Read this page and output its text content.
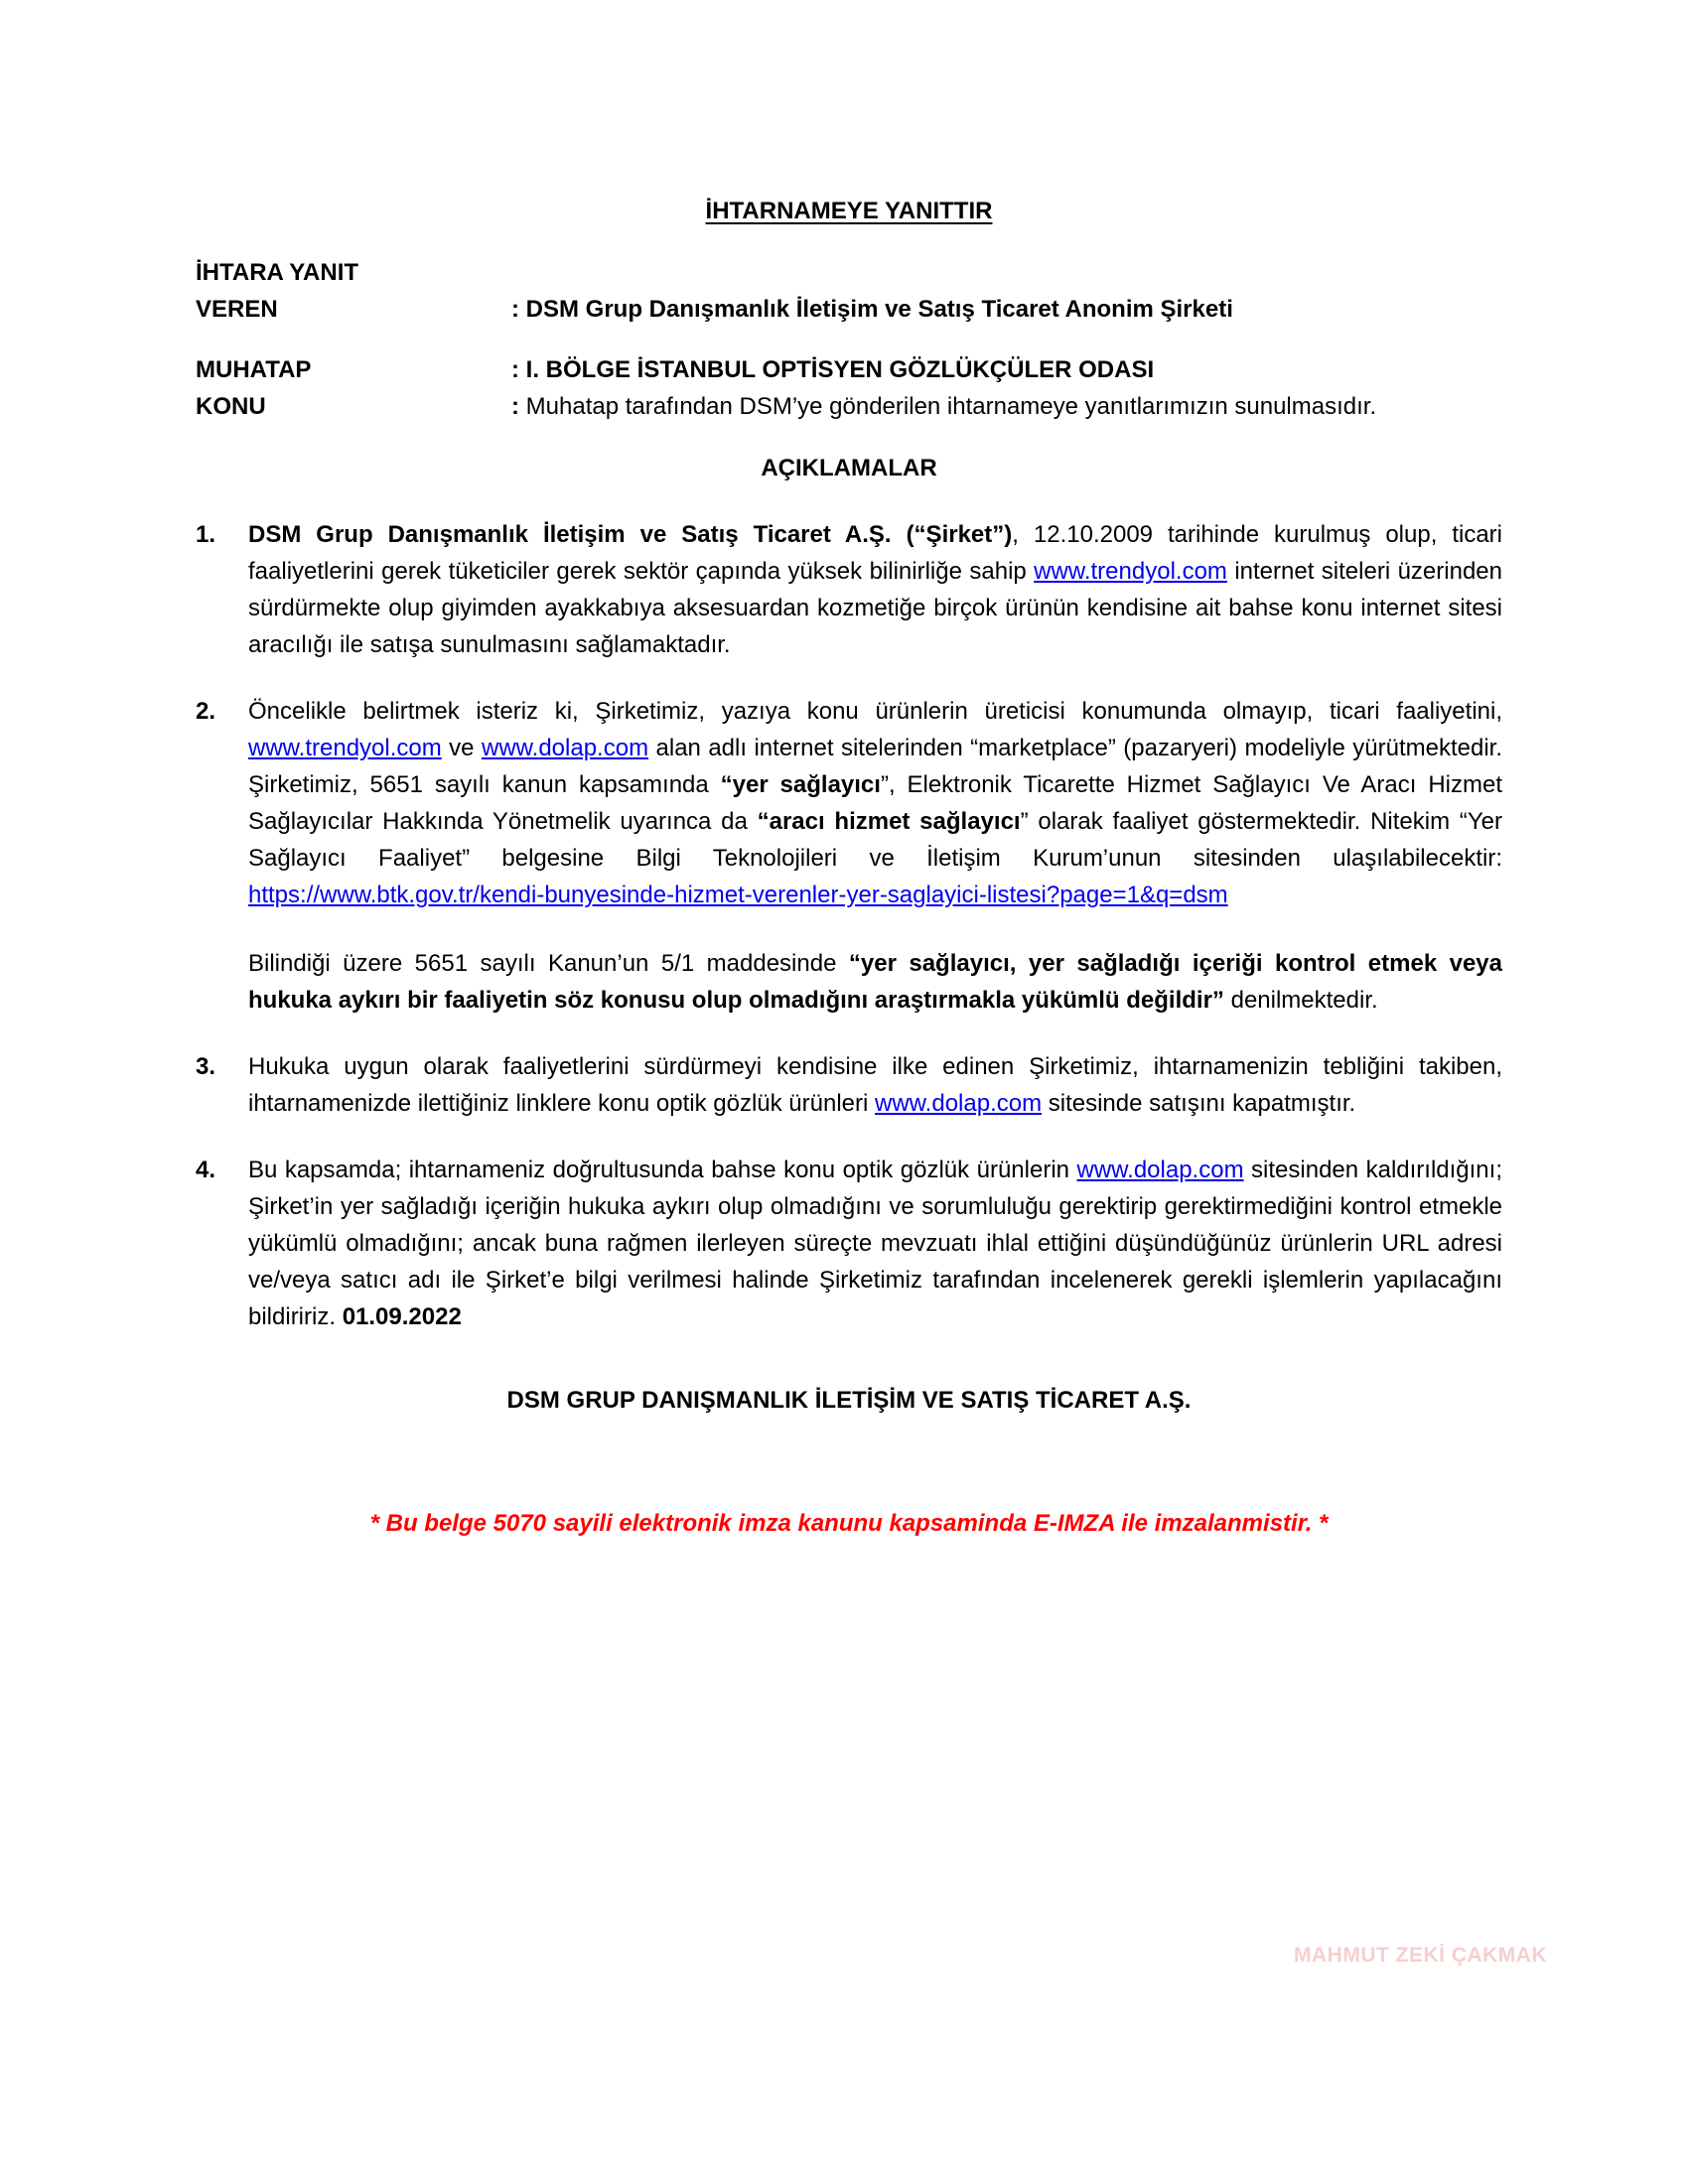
İHTARNAMEYE YANITTIR
İHTARA YANIT
VEREN	: DSM Grup Danışmanlık İletişim ve Satış Ticaret Anonim Şirketi
MUHATAP	: I. BÖLGE İSTANBUL OPTİSYEN GÖZLÜKÇÜLER ODASI
KONU	: Muhatap tarafından DSM’ye gönderilen ihtarnameye yanıtlarımızın sunulmasıdır.
AÇIKLAMALAR
1.	DSM Grup Danışmanlık İletişim ve Satış Ticaret A.Ş. (“Şirket”), 12.10.2009 tarihinde kurulmuş olup, ticari faaliyetlerini gerek tüketiciler gerek sektör çapında yüksek bilinirliğe sahip www.trendyol.com internet siteleri üzerinden sürdürmekte olup giyimden ayakkabıya aksesuardan kozmetiğe birçok ürünün kendisine ait bahse konu internet sitesi aracılığı ile satışa sunulmasını sağlamaktadır.
2.	Öncelikle belirtmek isteriz ki, Şirketimiz, yazıya konu ürünlerin üreticisi konumunda olmayıp, ticari faaliyetini, www.trendyol.com ve www.dolap.com alan adlı internet sitelerinden “marketplace” (pazaryeri) modeliyle yürütmektedir. Şirketimiz, 5651 sayılı kanun kapsamında “yer sağlayıcı”, Elektronik Ticarette Hizmet Sağlayıcı Ve Aracı Hizmet Sağlayıcılar Hakkında Yönetmelik uyarınca da “aracı hizmet sağlayıcı” olarak faaliyet göstermektedir. Nitekim “Yer Sağlayıcı Faaliyet” belgesine Bilgi Teknolojileri ve İletişim Kurum’unun sitesinden ulaşılabilecektir: https://www.btk.gov.tr/kendi-bunyesinde-hizmet-verenler-yer-saglayici-listesi?page=1&q=dsm
Bilindiği üzere 5651 sayılı Kanun’un 5/1 maddesinde “yer sağlayıcı, yer sağladığı içeriği kontrol etmek veya hukuka aykırı bir faaliyetin söz konusu olup olmadığını araştırmakla yükümlü değildir” denilmektedir.
3.	Hukuka uygun olarak faaliyetlerini sürdürmeyi kendisine ilke edinen Şirketimiz, ihtarnamenizin tebliğini takiben, ihtarnamenizde ilettiğiniz linklere konu optik gözlük ürünleri www.dolap.com sitesinde satışını kapatmıştır.
4.	Bu kapsamda; ihtarnameniz doğrultusunda bahse konu optik gözlük ürünlerin www.dolap.com sitesinden kaldırıldığını; Şirket’in yer sağladığı içeriğin hukuka aykırı olup olmadığını ve sorumluluğu gerektirip gerektirmediğini kontrol etmekle yükümlü olmadığını; ancak buna rağmen ilerleyen süreçte mevzuatı ihlal ettiğini düşündüğünüz ürünlerin URL adresi ve/veya satıcı adı ile Şirket’e bilgi verilmesi halinde Şirketimiz tarafından incelenerek gerekli işlemlerin yapılacağını bildiririz. 01.09.2022
DSM GRUP DANIŞMANLIK İLETİŞİM VE SATIŞ TİCARET A.Ş.
* Bu belge 5070 sayili elektronik imza kanunu kapsaminda E-IMZA ile imzalanmistir. *
MAHMUT ZEKİ ÇAKMAK
